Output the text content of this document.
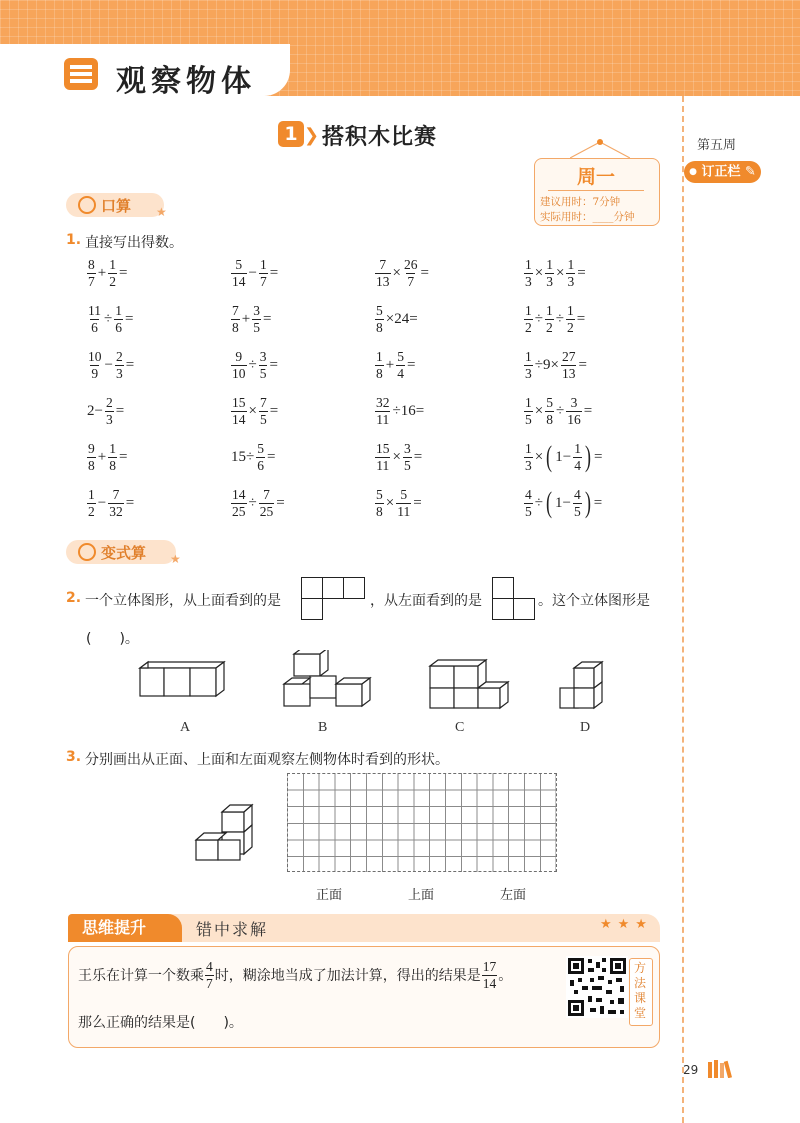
观察物体
第五周
● 订正栏 ✎
1 ❯ 搭积木比赛
周一
建议用时：7分钟
实际用时：____分钟
口算 ★
1. 直接写出得数。
$\frac{8}{7} + \frac{1}{2}$ =	$\frac{5}{14} - \frac{1}{7}$ =	$\frac{7}{13} \times \frac{26}{7}$ =	$\frac{1}{3} \times \frac{1}{3} \times \frac{1}{3}$ =
$\frac{11}{6} \div \frac{1}{6}$ =	$\frac{7}{8} + \frac{3}{5}$ =	$\frac{5}{8} \times 24=$	$\frac{1}{2} \div \frac{1}{2} \div \frac{1}{2}$ =
$\frac{10}{9} - \frac{2}{3}$ =	$\frac{9}{10} \div \frac{3}{5}$ =	$\frac{1}{8} + \frac{5}{4}$ =	$\frac{1}{3} \div 9\times \frac{27}{13}$ =
$2- \frac{2}{3}$ =	$\frac{15}{14} \times \frac{7}{5}$ =	$\frac{32}{11} \div 16=$	$\frac{1}{5} \times \frac{5}{8} \div \frac{3}{16}$ =
$\frac{9}{8} + \frac{1}{8}$ =	$15\div \frac{5}{6}$ =	$\frac{15}{11} \times \frac{3}{5}$ =	$\frac{1}{3}$ × ( $1- \frac{1}{4}$ ) =
$\frac{1}{2} - \frac{7}{32}$ =	$\frac{14}{25} \div \frac{7}{25}$ =	$\frac{5}{8} \times \frac{5}{11}$ =	$\frac{4}{5}$ ÷ ( $1- \frac{4}{5}$ ) =
变式算 ★
2. 一个立体图形，从上面看到的是	，从左面看到的是	。这个立体图形是
(　　)。
A	B	C	D
3. 分别画出从正面、上面和左面观察左侧物体时看到的形状。
正面	上面	左面
思维提升	错中求解	★★★
王乐在计算一个数乘 $\frac{4}{7}$ 时，糊涂地当成了加法计算，得出的结果是 $\frac{17}{14}$ 。
那么正确的结果是(　　)。
方法课堂
29
